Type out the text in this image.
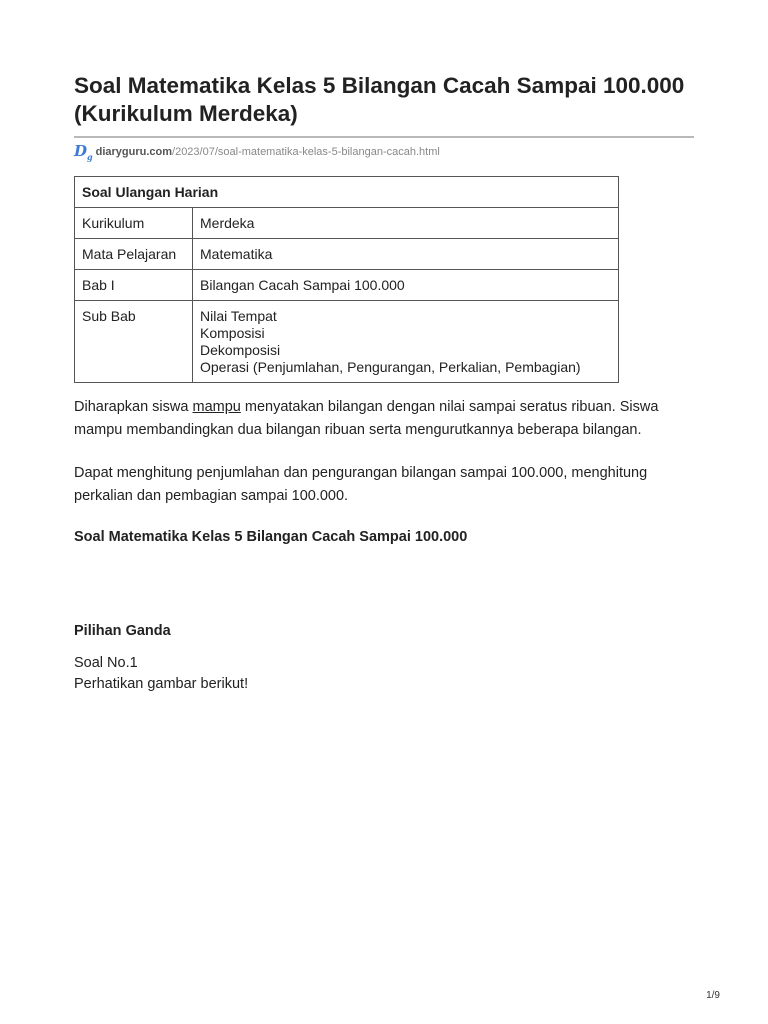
Soal Matematika Kelas 5 Bilangan Cacah Sampai 100.000 (Kurikulum Merdeka)
$D_g$ diaryguru.com /2023/07/soal-matematika-kelas-5-bilangan-cacah.html
Soal Ulangan Harian	
Kurikulum	Merdeka
Mata Pelajaran	Matematika
Bab I	Bilangan Cacah Sampai 100.000
Sub Bab	Nilai Tempat
Komposisi
Dekomposisi
Operasi (Penjumlahan, Pengurangan, Perkalian, Pembagian)

Diharapkan siswa mampu menyatakan bilangan dengan nilai sampai seratus ribuan. Siswa mampu membandingkan dua bilangan ribuan serta mengurutkannya beberapa bilangan.

Dapat menghitung penjumlahan dan pengurangan bilangan sampai 100.000, menghitung perkalian dan pembagian sampai 100.000.

Soal Matematika Kelas 5 Bilangan Cacah Sampai 100.000
Pilihan Ganda
Soal No.1
Perhatikan gambar berikut!
1/9
